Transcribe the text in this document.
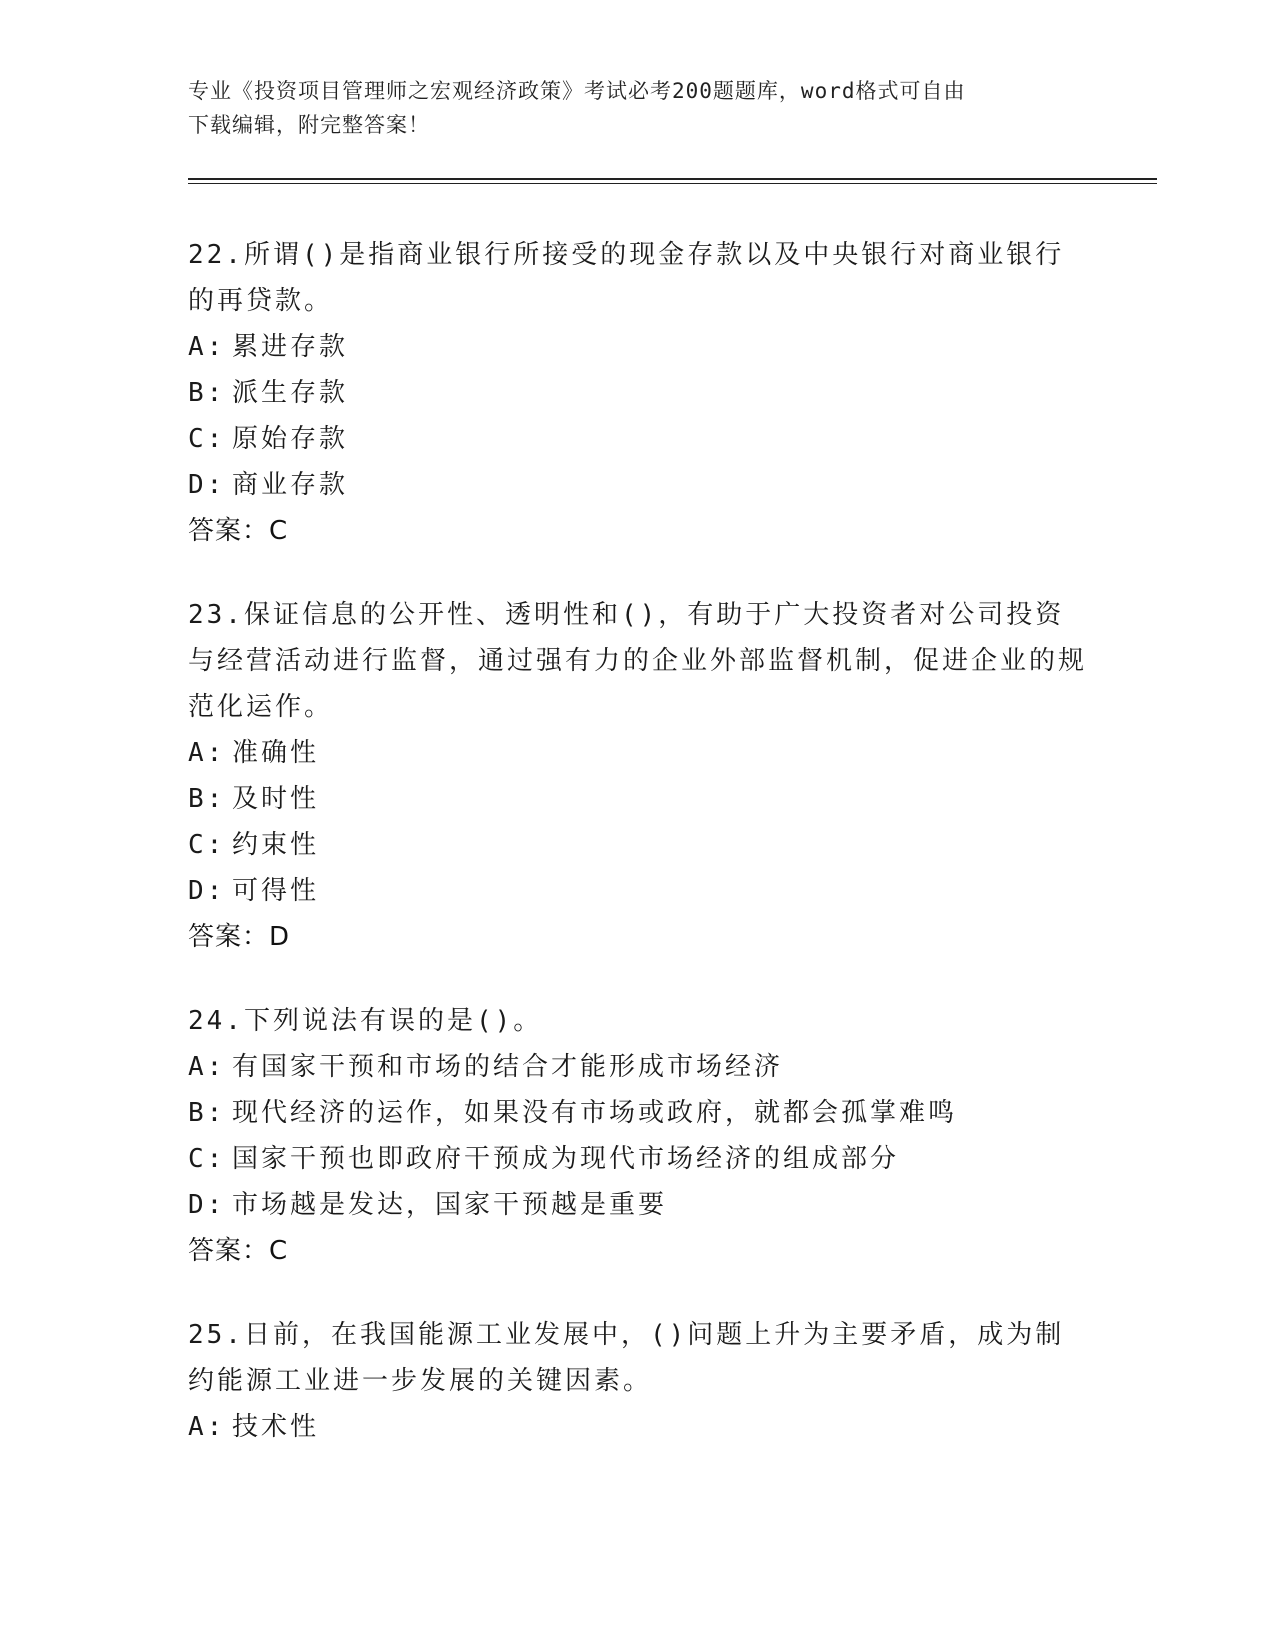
专业《投资项目管理师之宏观经济政策》考试必考200题题库，word格式可自由
下载编辑，附完整答案！
22.所谓()是指商业银行所接受的现金存款以及中央银行对商业银行的再贷款。
A: 累进存款
B: 派生存款
C: 原始存款
D: 商业存款
答案：C
23.保证信息的公开性、透明性和()，有助于广大投资者对公司投资与经营活动进行监督，通过强有力的企业外部监督机制，促进企业的规范化运作。
A: 准确性
B: 及时性
C: 约束性
D: 可得性
答案：D
24.下列说法有误的是()。
A: 有国家干预和市场的结合才能形成市场经济
B: 现代经济的运作，如果没有市场或政府，就都会孤掌难鸣
C: 国家干预也即政府干预成为现代市场经济的组成部分
D: 市场越是发达，国家干预越是重要
答案：C
25.日前，在我国能源工业发展中，()问题上升为主要矛盾，成为制约能源工业进一步发展的关键因素。
A: 技术性
